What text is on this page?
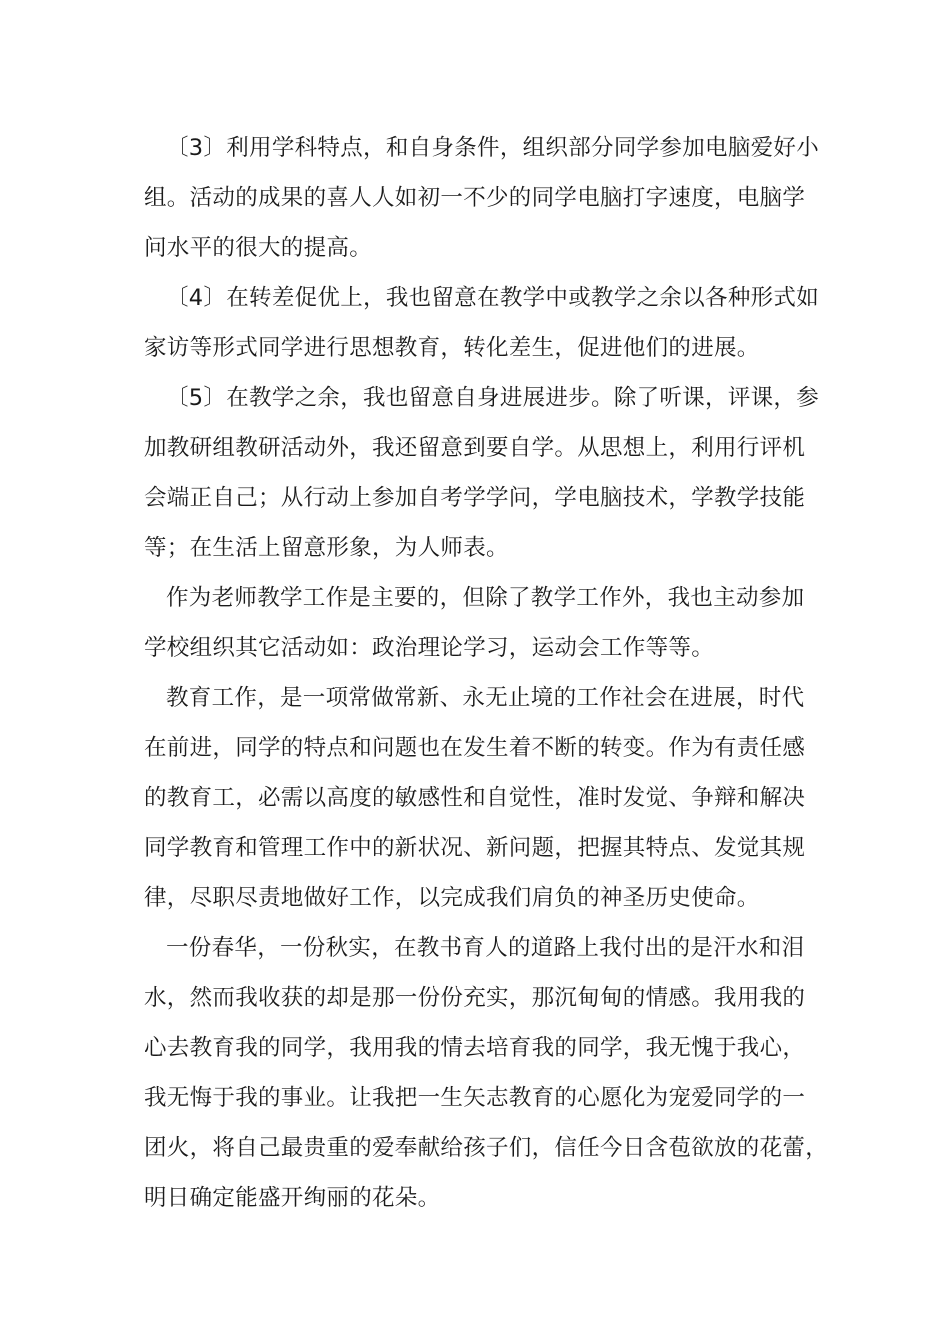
〔3〕利用学科特点，和自身条件，组织部分同学参加电脑爱好小
组。活动的成果的喜人人如初一不少的同学电脑打字速度，电脑学
问水平的很大的提高。
〔4〕在转差促优上，我也留意在教学中或教学之余以各种形式如
家访等形式同学进行思想教育，转化差生，促进他们的进展。
〔5〕在教学之余，我也留意自身进展进步。除了听课，评课，参
加教研组教研活动外，我还留意到要自学。从思想上，利用行评机
会端正自己；从行动上参加自考学学问，学电脑技术，学教学技能
等；在生活上留意形象，为人师表。
作为老师教学工作是主要的，但除了教学工作外，我也主动参加
学校组织其它活动如：政治理论学习，运动会工作等等。
教育工作，是一项常做常新、永无止境的工作社会在进展，时代
在前进，同学的特点和问题也在发生着不断的转变。作为有责任感
的教育工，必需以高度的敏感性和自觉性，准时发觉、争辩和解决
同学教育和管理工作中的新状况、新问题，把握其特点、发觉其规
律，尽职尽责地做好工作，以完成我们肩负的神圣历史使命。
一份春华，一份秋实，在教书育人的道路上我付出的是汗水和泪
水，然而我收获的却是那一份份充实，那沉甸甸的情感。我用我的
心去教育我的同学，我用我的情去培育我的同学，我无愧于我心，
我无悔于我的事业。让我把一生矢志教育的心愿化为宠爱同学的一
团火，将自己最贵重的爱奉献给孩子们，信任今日含苞欲放的花蕾，
明日确定能盛开绚丽的花朵。
